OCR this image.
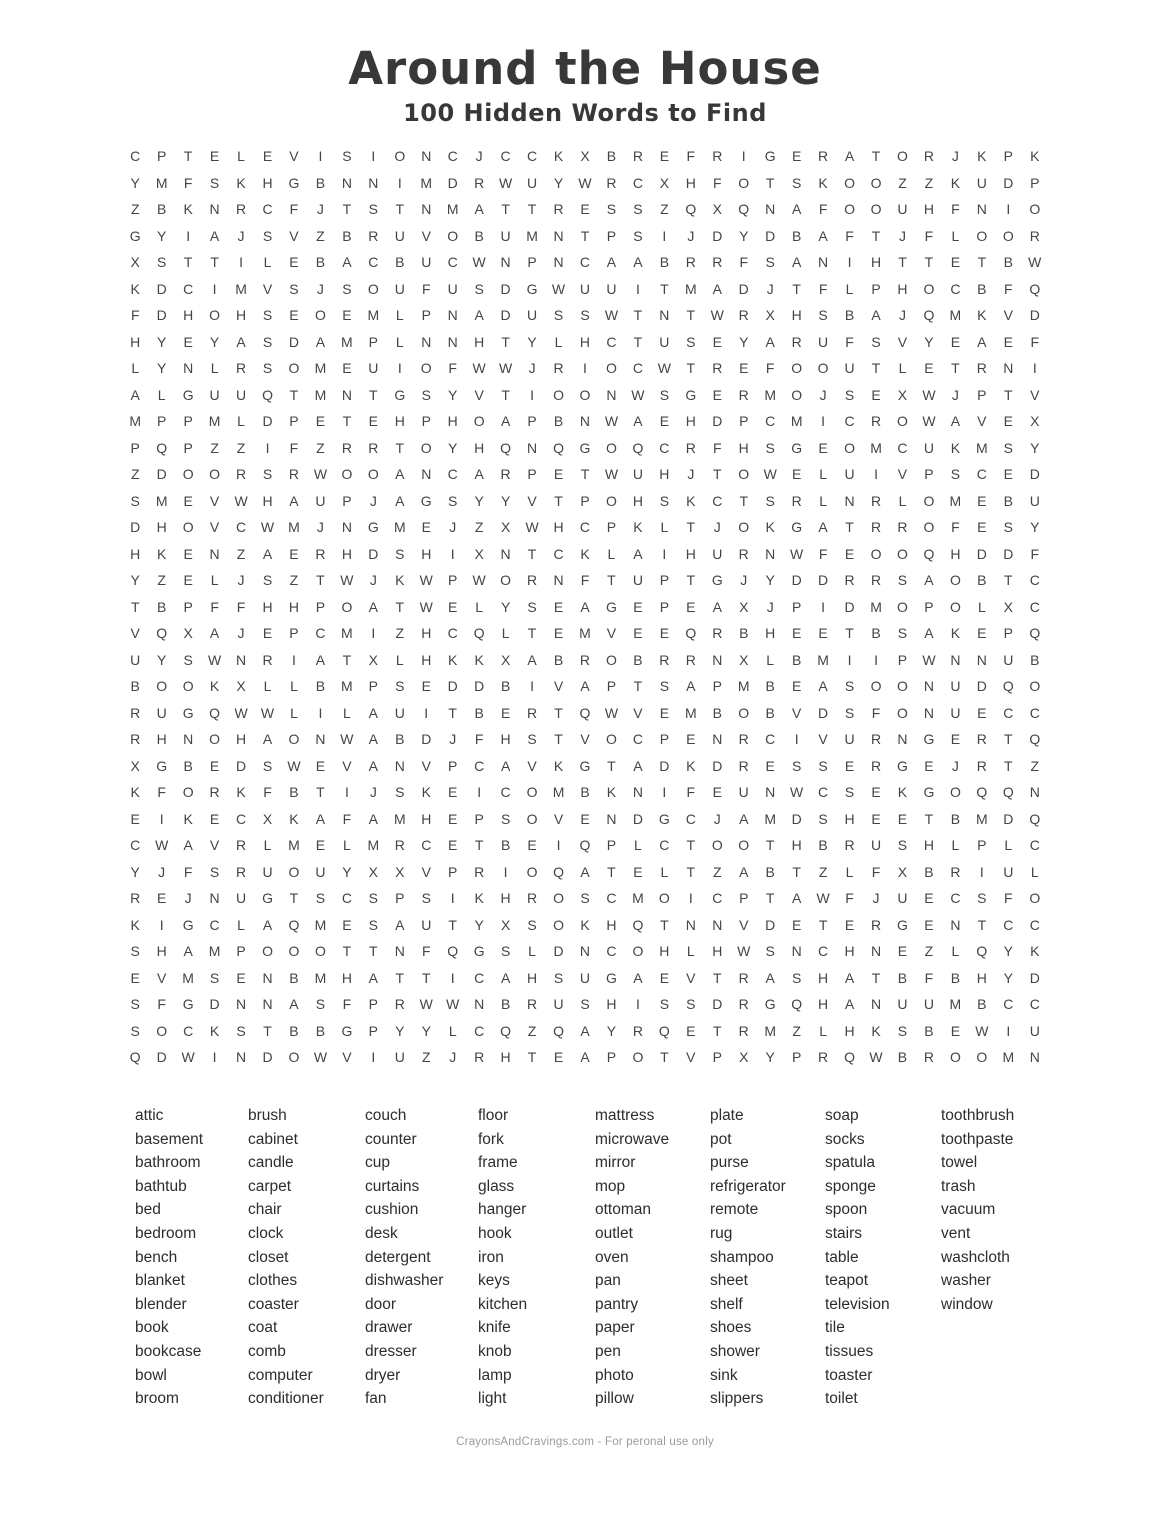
Around the House
100 Hidden Words to Find
C	P	T	E	L	E	V	I	S	I	O	N	C	J	C	C	K	X	B	R	E	F	R	I	G	E	R	A	T	O	R	J	K	P	K
Y	M	F	S	K	H	G	B	N	N	I	M	D	R	W	U	Y	W	R	C	X	H	F	O	T	S	K	O	O	Z	Z	K	U	D	P
Z	B	K	N	R	C	F	J	T	S	T	N	M	A	T	T	R	E	S	S	Z	Q	X	Q	N	A	F	O	O	U	H	F	N	I	O
G	Y	I	A	J	S	V	Z	B	R	U	V	O	B	U	M	N	T	P	S	I	J	D	Y	D	B	A	F	T	J	F	L	O	O	R
X	S	T	T	I	L	E	B	A	C	B	U	C	W	N	P	N	C	A	A	B	R	R	F	S	A	N	I	H	T	T	E	T	B	W
K	D	C	I	M	V	S	J	S	O	U	F	U	S	D	G	W	U	U	I	T	M	A	D	J	T	F	L	P	H	O	C	B	F	Q
F	D	H	O	H	S	E	O	E	M	L	P	N	A	D	U	S	S	W	T	N	T	W	R	X	H	S	B	A	J	Q	M	K	V	D
H	Y	E	Y	A	S	D	A	M	P	L	N	N	H	T	Y	L	H	C	T	U	S	E	Y	A	R	U	F	S	V	Y	E	A	E	F
L	Y	N	L	R	S	O	M	E	U	I	O	F	W W	J	R	I	O	C	W	T	R	E	F	O	O	U	T	L	E	T	R	N	I
A	L	G	U	U	Q	T	M	N	T	G	S	Y	V	T	I	O	O	N	W	S	G	E	R	M	O	J	S	E	X	W	J	P	T	V
M	P	P	M	L	D	P	E	T	E	H	P	H	O	A	P	B	N	W	A	E	H	D	P	C	M	I	C	R	O	W	A	V	E	X
P	Q	P	Z	Z	I	F	Z	R	R	T	O	Y	H	Q	N	Q	G	O	Q	C	R	F	H	S	G	E	O	M	C	U	K	M	S	Y
Z	D	O	O	R	S	R	W	O	O	A	N	C	A	R	P	E	T	W	U	H	J	T	O	W	E	L	U	I	V	P	S	C	E	D
S	M	E	V	W	H	A	U	P	J	A	G	S	Y	Y	V	T	P	O	H	S	K	C	T	S	R	L	N	R	L	O	M	E	B	U
D	H	O	V	C	W	M	J	N	G	M	E	J	Z	X	W	H	C	P	K	L	T	J	O	K	G	A	T	R	R	O	F	E	S	Y
H	K	E	N	Z	A	E	R	H	D	S	H	I	X	N	T	C	K	L	A	I	H	U	R	N	W	F	E	O	O	Q	H	D	D	F
Y	Z	E	L	J	S	Z	T	W	J	K	W	P	W	O	R	N	F	T	U	P	T	G	J	Y	D	D	R	R	S	A	O	B	T	C
T	B	P	F	F	H	H	P	O	A	T	W	E	L	Y	S	E	A	G	E	P	E	A	X	J	P	I	D	M	O	P	O	L	X	C
V	Q	X	A	J	E	P	C	M	I	Z	H	C	Q	L	T	E	M	V	E	E	Q	R	B	H	E	E	T	B	S	A	K	E	P	Q
U	Y	S	W	N	R	I	A	T	X	L	H	K	K	X	A	B	R	O	B	R	R	N	X	L	B	M	I	I	P	W	N	N	U	B
B	O	O	K	X	L	L	B	M	P	S	E	D	D	B	I	V	A	P	T	S	A	P	M	B	E	A	S	O	O	N	U	D	Q	O
R	U	G	Q	W W	L	I	L	A	U	I	T	B	E	R	T	Q	W	V	E	M	B	O	B	V	D	S	F	O	N	U	E	C	C
R	H	N	O	H	A	O	N	W	A	B	D	J	F	H	S	T	V	O	C	P	E	N	R	C	I	V	U	R	N	G	E	R	T	Q
X	G	B	E	D	S	W	E	V	A	N	V	P	C	A	V	K	G	T	A	D	K	D	R	E	S	S	E	R	G	E	J	R	T	Z
K	F	O	R	K	F	B	T	I	J	S	K	E	I	C	O	M	B	K	N	I	F	E	U	N	W	C	S	E	K	G	O	Q	Q	N
E	I	K	E	C	X	K	A	F	A	M	H	E	P	S	O	V	E	N	D	G	C	J	A	M	D	S	H	E	E	T	B	M	D	Q
C	W	A	V	R	L	M	E	L	M	R	C	E	T	B	E	I	Q	P	L	C	T	O	O	T	H	B	R	U	S	H	L	P	L	C
Y	J	F	S	R	U	O	U	Y	X	X	V	P	R	I	O	Q	A	T	E	L	T	Z	A	B	T	Z	L	F	X	B	R	I	U	L
R	E	J	N	U	G	T	S	C	S	P	S	I	K	H	R	O	S	C	M	O	I	C	P	T	A	W	F	J	U	E	C	S	F	O
K	I	G	C	L	A	Q	M	E	S	A	U	T	Y	X	S	O	K	H	Q	T	N	N	V	D	E	T	E	R	G	E	N	T	C	C
S	H	A	M	P	O	O	O	T	T	N	F	Q	G	S	L	D	N	C	O	H	L	H	W	S	N	C	H	N	E	Z	L	Q	Y	K
E	V	M	S	E	N	B	M	H	A	T	T	I	C	A	H	S	U	G	A	E	V	T	R	A	S	H	A	T	B	F	B	H	Y	D
S	F	G	D	N	N	A	S	F	P	R	W W	N	B	R	U	S	H	I	S	S	D	R	G	Q	H	A	N	U	U	M	B	C	C
S	O	C	K	S	T	B	B	G	P	Y	Y	L	C	Q	Z	Q	A	Y	R	Q	E	T	R	M	Z	L	H	K	S	B	E	W	I	U
Q	D	W	I	N	D	O	W	V	I	U	Z	J	R	H	T	E	A	P	O	T	V	P	X	Y	P	R	Q	W	B	R	O	O	M	N
attic
basement
bathroom
bathtub
bed
bedroom
bench
blanket
blender
book
bookcase
bowl
broom
brush
cabinet
candle
carpet
chair
clock
closet
clothes
coaster
coat
comb
computer
conditioner
couch
counter
cup
curtains
cushion
desk
detergent
dishwasher
door
drawer
dresser
dryer
fan
floor
fork
frame
glass
hanger
hook
iron
keys
kitchen
knife
knob
lamp
light
mattress
microwave
mirror
mop
ottoman
outlet
oven
pan
pantry
paper
pen
photo
pillow
plate
pot
purse
refrigerator
remote
rug
shampoo
sheet
shelf
shoes
shower
sink
slippers
soap
socks
spatula
sponge
spoon
stairs
table
teapot
television
tile
tissues
toaster
toilet
toothbrush
toothpaste
towel
trash
vacuum
vent
washcloth
washer
window
CrayonsAndCravings.com - For peronal use only
